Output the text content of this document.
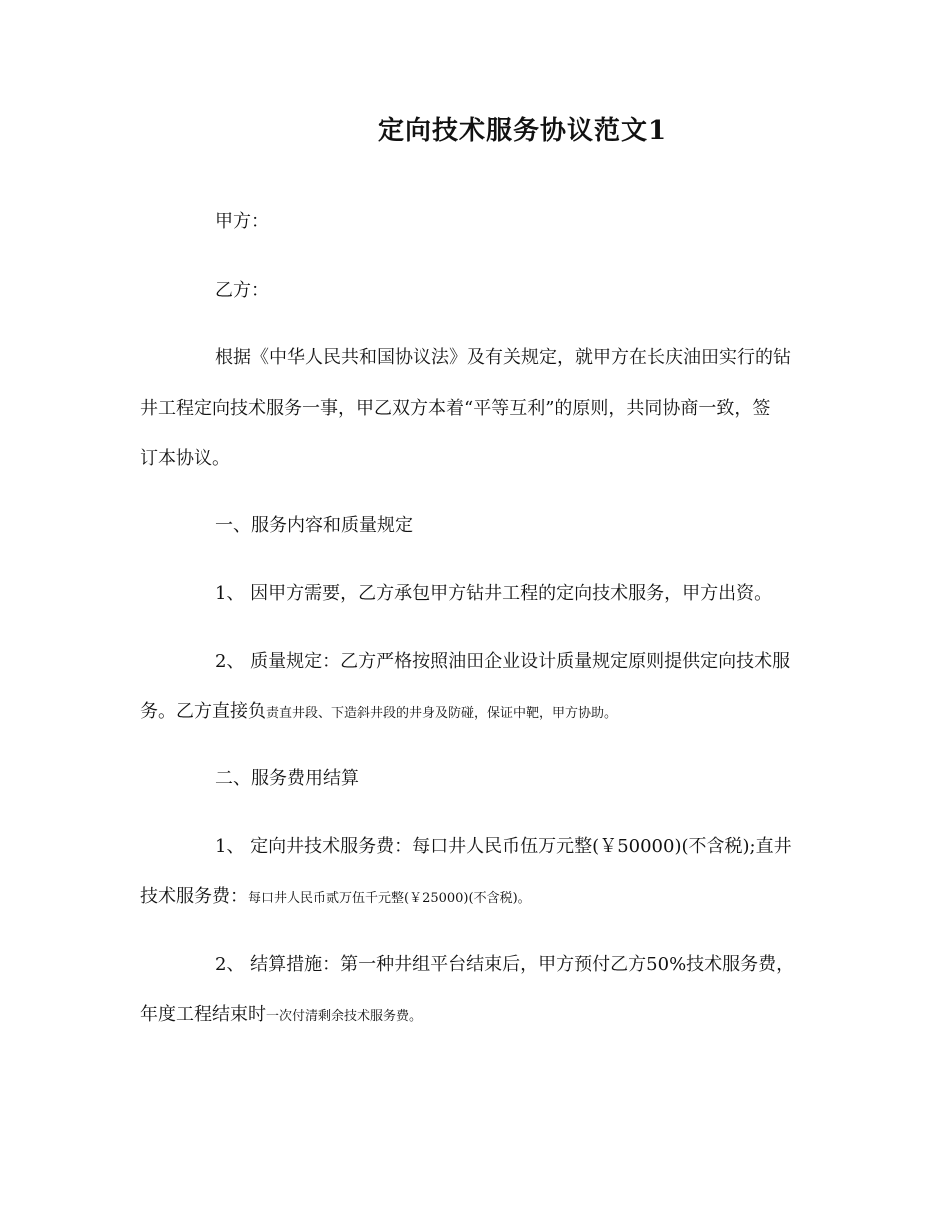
定向技术服务协议范文1
甲方：
乙方：
根据《中华人民共和国协议法》及有关规定，就甲方在长庆油田实行的钻
井工程定向技术服务一事，甲乙双方本着“平等互利”的原则，共同协商一致，签
订本协议。
一、服务内容和质量规定
1、 因甲方需要，乙方承包甲方钻井工程的定向技术服务，甲方出资。
2、 质量规定：乙方严格按照油田企业设计质量规定原则提供定向技术服
务。乙方直接负责直井段、下造斜井段的井身及防碰，保证中靶，甲方协助。
二、服务费用结算
1、 定向井技术服务费：每口井人民币伍万元整(￥50000)(不含税);直井
技术服务费：每口井人民币贰万伍千元整(￥25000)(不含税)。
2、 结算措施：第一种井组平台结束后，甲方预付乙方50%技术服务费，
年度工程结束时一次付清剩余技术服务费。
